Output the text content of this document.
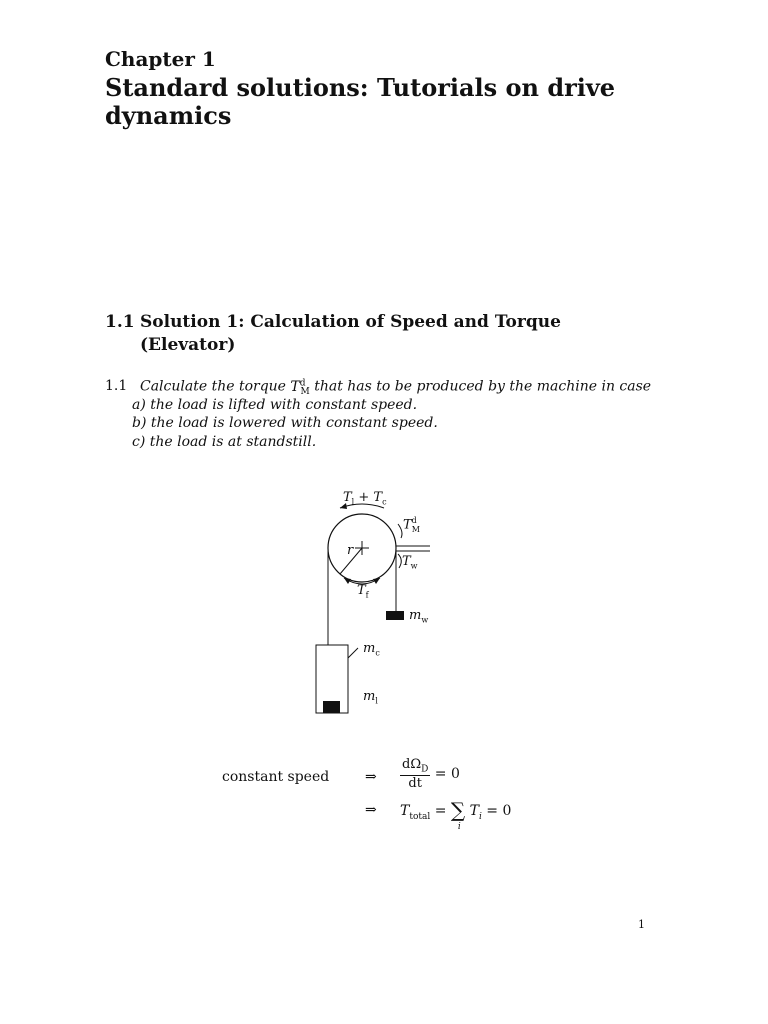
Chapter 1
Standard solutions: Tutorials on drive dynamics
1.1 Solution 1: Calculation of Speed and Torque
(Elevator)
1.1 Calculate the torque $T^d_M$ that has to be produced by the machine in case
a) the load is lifted with constant speed.
b) the load is lowered with constant speed.
c) the load is at standstill.
$T_l + T_c$
$T^d_M$
r
$T_w$
$T_f$
$m_w$
$m_c$
$m_l$
constant speed	⇒ $\frac{d\Omega_D}{dt} = 0$
⇒ $T_{total}$ = ∑
i
$T_i = 0$
1
